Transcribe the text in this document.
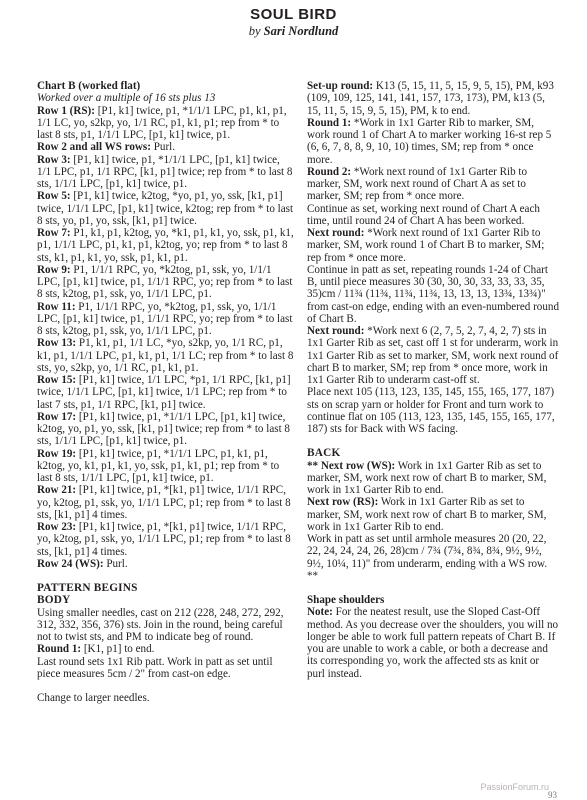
SOUL BIRD
by Sari Nordlund

Chart B (worked flat)

Worked over a multiple of 16 sts plus 13

Row 1 (RS): [P1, k1] twice, p1, *1/1/1 LPC, p1, k1, p1, 1/1 LC, yo, s2kp, yo, 1/1 RC, p1, k1, p1; rep from * to last 8 sts, p1, 1/1/1 LPC, [p1, k1] twice, p1.

Row 2 and all WS rows: Purl.

Row 3: [P1, k1] twice, p1, *1/1/1 LPC, [p1, k1] twice, 1/1 LPC, p1, 1/1 RPC, [k1, p1] twice; rep from * to last 8 sts, 1/1/1 LPC, [p1, k1] twice, p1.

Row 5: [P1, k1] twice, k2tog, *yo, p1, yo, ssk, [k1, p1] twice, 1/1/1 LPC, [p1, k1] twice, k2tog; rep from * to last 8 sts, yo, p1, yo, ssk, [k1, p1] twice.

Row 7: P1, k1, p1, k2tog, yo, *k1, p1, k1, yo, ssk, p1, k1, p1, 1/1/1 LPC, p1, k1, p1, k2tog, yo; rep from * to last 8 sts, k1, p1, k1, yo, ssk, p1, k1, p1.

Row 9: P1, 1/1/1 RPC, yo, *k2tog, p1, ssk, yo, 1/1/1 LPC, [p1, k1] twice, p1, 1/1/1 RPC, yo; rep from * to last 8 sts, k2tog, p1, ssk, yo, 1/1/1 LPC, p1.

Row 11: P1, 1/1/1 RPC, yo, *k2tog, p1, ssk, yo, 1/1/1 LPC, [p1, k1] twice, p1, 1/1/1 RPC, yo; rep from * to last 8 sts, k2tog, p1, ssk, yo, 1/1/1 LPC, p1.

Row 13: P1, k1, p1, 1/1 LC, *yo, s2kp, yo, 1/1 RC, p1, k1, p1, 1/1/1 LPC, p1, k1, p1, 1/1 LC; rep from * to last 8 sts, yo, s2kp, yo, 1/1 RC, p1, k1, p1.

Row 15: [P1, k1] twice, 1/1 LPC, *p1, 1/1 RPC, [k1, p1] twice, 1/1/1 LPC, [p1, k1] twice, 1/1 LPC; rep from * to last 7 sts, p1, 1/1 RPC, [k1, p1] twice.

Row 17: [P1, k1] twice, p1, *1/1/1 LPC, [p1, k1] twice, k2tog, yo, p1, yo, ssk, [k1, p1] twice; rep from * to last 8 sts, 1/1/1 LPC, [p1, k1] twice, p1.

Row 19: [P1, k1] twice, p1, *1/1/1 LPC, p1, k1, p1, k2tog, yo, k1, p1, k1, yo, ssk, p1, k1, p1; rep from * to last 8 sts, 1/1/1 LPC, [p1, k1] twice, p1.

Row 21: [P1, k1] twice, p1, *[k1, p1] twice, 1/1/1 RPC, yo, k2tog, p1, ssk, yo, 1/1/1 LPC, p1; rep from * to last 8 sts, [k1, p1] 4 times.

Row 23: [P1, k1] twice, p1, *[k1, p1] twice, 1/1/1 RPC, yo, k2tog, p1, ssk, yo, 1/1/1 LPC, p1; rep from * to last 8 sts, [k1, p1] 4 times.

Row 24 (WS): Purl.

PATTERN BEGINS

BODY

Using smaller needles, cast on 212 (228, 248, 272, 292, 312, 332, 356, 376) sts. Join in the round, being careful not to twist sts, and PM to indicate beg of round.

Round 1: [K1, p1] to end.

Last round sets 1x1 Rib patt. Work in patt as set until piece measures 5cm / 2" from cast-on edge.

Change to larger needles.

Set-up round: K13 (5, 15, 11, 5, 15, 9, 5, 15), PM, k93 (109, 109, 125, 141, 141, 157, 173, 173), PM, k13 (5, 15, 11, 5, 15, 9, 5, 15), PM, k to end.

Round 1: *Work in 1x1 Garter Rib to marker, SM, work round 1 of Chart A to marker working 16-st rep 5 (6, 6, 7, 8, 8, 9, 10, 10) times, SM; rep from * once more.

Round 2: *Work next round of 1x1 Garter Rib to marker, SM, work next round of Chart A as set to marker, SM; rep from * once more.

Continue as set, working next round of Chart A each time, until round 24 of Chart A has been worked.

Next round: *Work next round of 1x1 Garter Rib to marker, SM, work round 1 of Chart B to marker, SM; rep from * once more.

Continue in patt as set, repeating rounds 1-24 of Chart B, until piece measures 30 (30, 30, 30, 33, 33, 33, 35, 35)cm / 11¾ (11¾, 11¾, 11¾, 13, 13, 13, 13¾, 13¾)" from cast-on edge, ending with an even-numbered round of Chart B.

Next round: *Work next 6 (2, 7, 5, 2, 7, 4, 2, 7) sts in 1x1 Garter Rib as set, cast off 1 st for underarm, work in 1x1 Garter Rib as set to marker, SM, work next round of chart B to marker, SM; rep from * once more, work in 1x1 Garter Rib to underarm cast-off st.

Place next 105 (113, 123, 135, 145, 155, 165, 177, 187) sts on scrap yarn or holder for Front and turn work to continue flat on 105 (113, 123, 135, 145, 155, 165, 177, 187) sts for Back with WS facing.

BACK

** Next row (WS): Work in 1x1 Garter Rib as set to marker, SM, work next row of chart B to marker, SM, work in 1x1 Garter Rib to end.

Next row (RS): Work in 1x1 Garter Rib as set to marker, SM, work next row of chart B to marker, SM, work in 1x1 Garter Rib to end.

Work in patt as set until armhole measures 20 (20, 22, 22, 24, 24, 24, 26, 28)cm / 7¾ (7¾, 8¾, 8¾, 9½, 9½, 9½, 10¼, 11)" from underarm, ending with a WS row. **

Shape shoulders

Note: For the neatest result, use the Sloped Cast-Off method. As you decrease over the shoulders, you will no longer be able to work full pattern repeats of Chart B. If you are unable to work a cable, or both a decrease and its corresponding yo, work the affected sts as knit or purl instead.

PassionForum.ru
93
